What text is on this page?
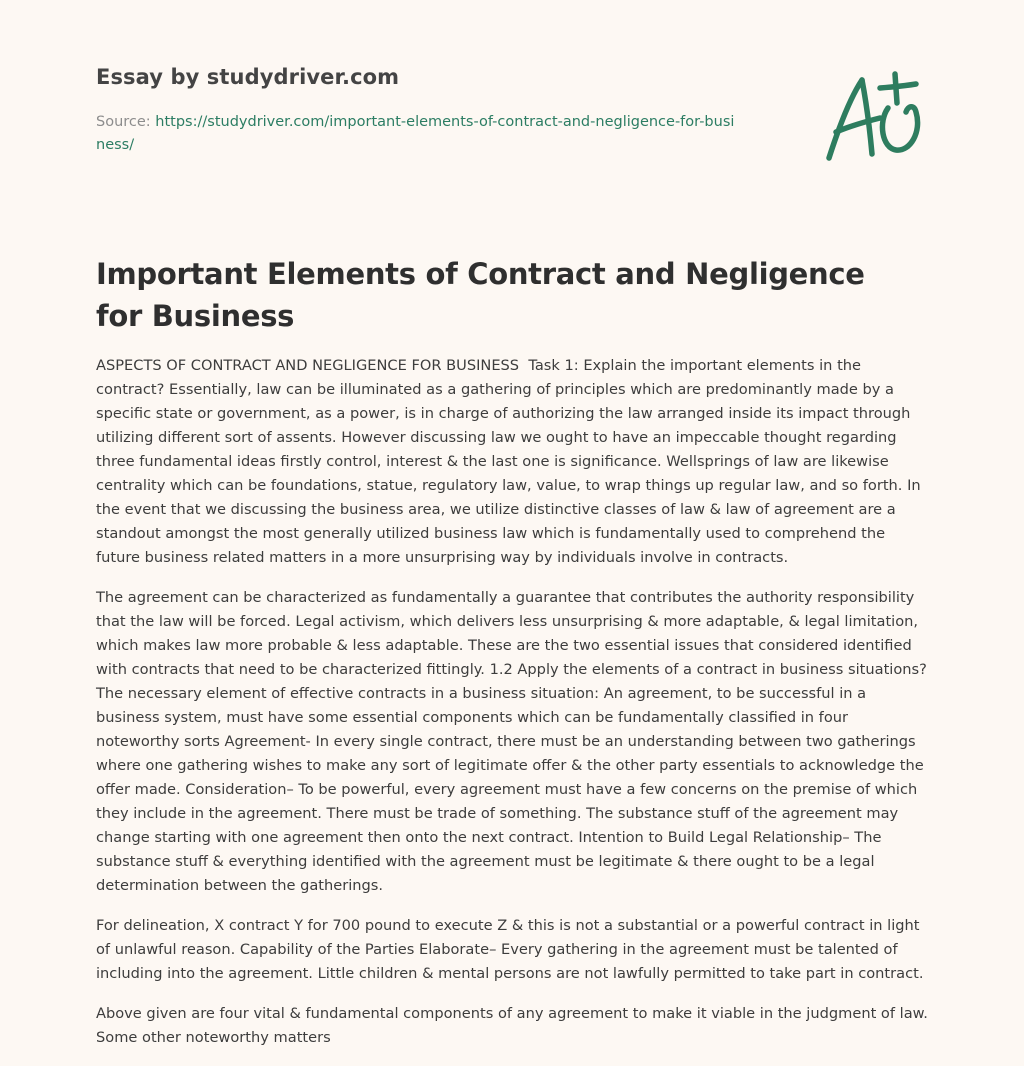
Essay by studydriver.com
Source: https://studydriver.com/important-elements-of-contract-and-negligence-for-business/
Important Elements of Contract and Negligence for Business

ASPECTS OF CONTRACT AND NEGLIGENCE FOR BUSINESS  Task 1: Explain the important elements in the contract? Essentially, law can be illuminated as a gathering of principles which are predominantly made by a specific state or government, as a power, is in charge of authorizing the law arranged inside its impact through utilizing different sort of assents. However discussing law we ought to have an impeccable thought regarding three fundamental ideas firstly control, interest & the last one is significance. Wellsprings of law are likewise centrality which can be foundations, statue, regulatory law, value, to wrap things up regular law, and so forth. In the event that we discussing the business area, we utilize distinctive classes of law & law of agreement are a standout amongst the most generally utilized business law which is fundamentally used to comprehend the future business related matters in a more unsurprising way by individuals involve in contracts.

The agreement can be characterized as fundamentally a guarantee that contributes the authority responsibility that the law will be forced. Legal activism, which delivers less unsurprising & more adaptable, & legal limitation, which makes law more probable & less adaptable. These are the two essential issues that considered identified with contracts that need to be characterized fittingly. 1.2 Apply the elements of a contract in business situations? The necessary element of effective contracts in a business situation: An agreement, to be successful in a business system, must have some essential components which can be fundamentally classified in four noteworthy sorts Agreement- In every single contract, there must be an understanding between two gatherings where one gathering wishes to make any sort of legitimate offer & the other party essentials to acknowledge the offer made. Consideration– To be powerful, every agreement must have a few concerns on the premise of which they include in the agreement. There must be trade of something. The substance stuff of the agreement may change starting with one agreement then onto the next contract. Intention to Build Legal Relationship– The substance stuff & everything identified with the agreement must be legitimate & there ought to be a legal determination between the gatherings.

For delineation, X contract Y for 700 pound to execute Z & this is not a substantial or a powerful contract in light of unlawful reason. Capability of the Parties Elaborate– Every gathering in the agreement must be talented of including into the agreement. Little children & mental persons are not lawfully permitted to take part in contract.

Above given are four vital & fundamental components of any agreement to make it viable in the judgment of law. Some other noteworthy matters
